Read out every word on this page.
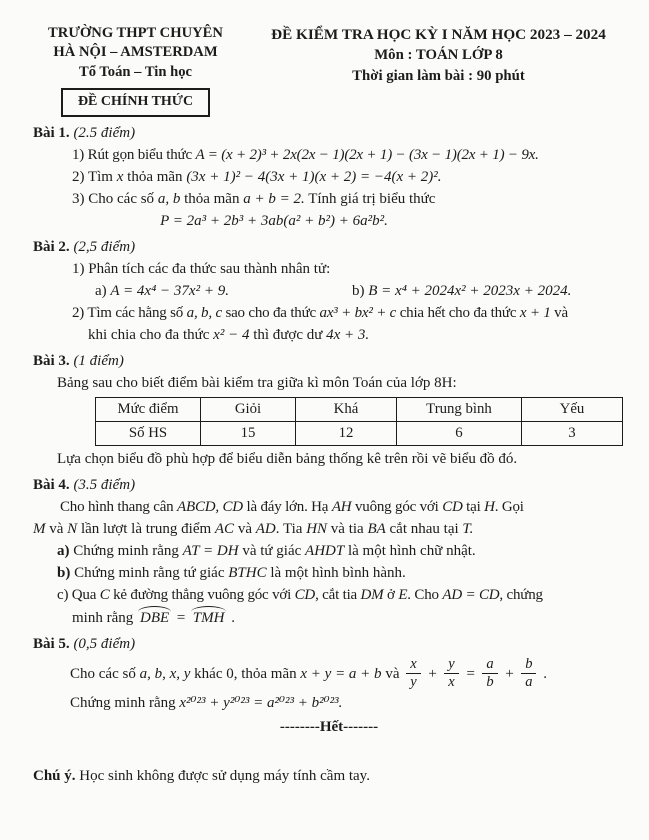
TRƯỜNG THPT CHUYÊN
HÀ NỘI – AMSTERDAM
Tổ Toán – Tin học
ĐỀ CHÍNH THỨC
ĐỀ KIỂM TRA HỌC KỲ I NĂM HỌC 2023 – 2024
Môn : TOÁN LỚP 8
Thời gian làm bài : 90 phút
Bài 1. (2.5 điểm)
1) Rút gọn biểu thức A = (x + 2)³ + 2x(2x − 1)(2x + 1) − (3x − 1)(2x + 1) − 9x.
2) Tìm x thỏa mãn (3x + 1)² − 4(3x + 1)(x + 2) = −4(x + 2)².
3) Cho các số a, b thỏa mãn a + b = 2. Tính giá trị biểu thức
P = 2a³ + 2b³ + 3ab(a² + b²) + 6a²b².
Bài 2. (2,5 điểm)
1) Phân tích các đa thức sau thành nhân tử:
a) A = 4x⁴ − 37x² + 9.	b) B = x⁴ + 2024x² + 2023x + 2024.
2) Tìm các hằng số a, b, c sao cho đa thức ax³ + bx² + c chia hết cho đa thức x + 1 và
khi chia cho đa thức x² − 4 thì được dư 4x + 3.
Bài 3. (1 điểm)
Bảng sau cho biết điểm bài kiểm tra giữa kì môn Toán của lớp 8H:
Mức điểm	Giỏi	Khá	Trung bình	Yếu
Số HS	15	12	6	3
Lựa chọn biểu đồ phù hợp để biểu diễn bảng thống kê trên rồi vẽ biểu đồ đó.
Bài 4. (3.5 điểm)
Cho hình thang cân ABCD, CD là đáy lớn. Hạ AH vuông góc với CD tại H. Gọi
M và N lần lượt là trung điểm AC và AD. Tia HN và tia BA cắt nhau tại T.
a) Chứng minh rằng AT = DH và tứ giác AHDT là một hình chữ nhật.
b) Chứng minh rằng tứ giác BTHC là một hình bình hành.
c) Qua C kẻ đường thẳng vuông góc với CD, cắt tia DM ở E. Cho AD = CD, chứng
minh rằng DBE = TMH .
Bài 5. (0,5 điểm)
Cho các số a, b, x, y khác 0, thỏa mãn x + y = a + b và $\frac{x}{y} + \frac{y}{x} = \frac{a}{b} + \frac{b}{a}$ .
Chứng minh rằng x²⁰²³ + y²⁰²³ = a²⁰²³ + b²⁰²³.
--------Hết-------
Chú ý. Học sinh không được sử dụng máy tính cầm tay.
